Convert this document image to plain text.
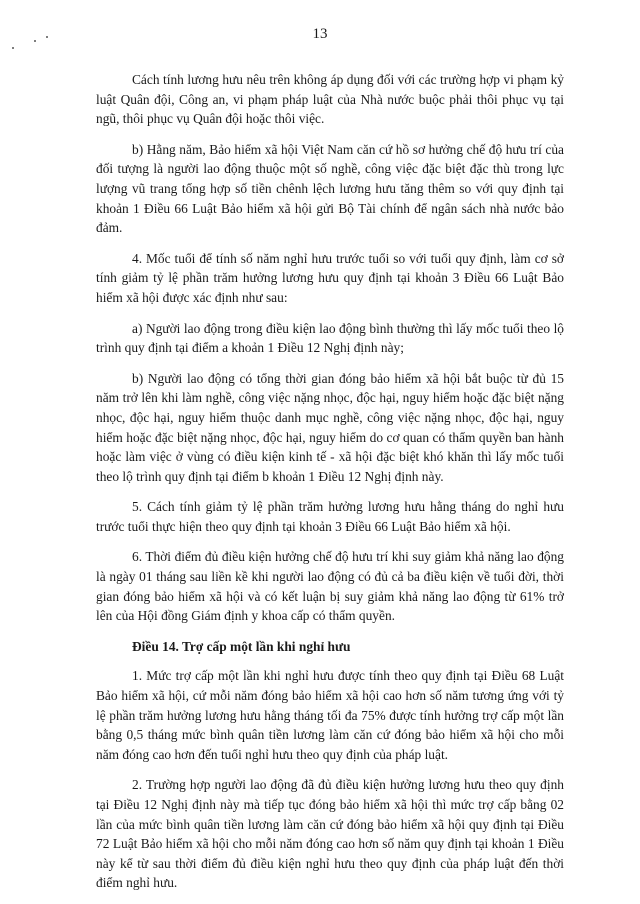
13

Cách tính lương hưu nêu trên không áp dụng đối với các trường hợp vi phạm kỷ luật Quân đội, Công an, vi phạm pháp luật của Nhà nước buộc phải thôi phục vụ tại ngũ, thôi phục vụ Quân đội hoặc thôi việc.

b) Hằng năm, Bảo hiểm xã hội Việt Nam căn cứ hồ sơ hưởng chế độ hưu trí của đối tượng là người lao động thuộc một số nghề, công việc đặc biệt đặc thù trong lực lượng vũ trang tổng hợp số tiền chênh lệch lương hưu tăng thêm so với quy định tại khoản 1 Điều 66 Luật Bảo hiểm xã hội gửi Bộ Tài chính để ngân sách nhà nước bảo đảm.

4. Mốc tuổi để tính số năm nghỉ hưu trước tuổi so với tuổi quy định, làm cơ sở tính giảm tỷ lệ phần trăm hưởng lương hưu quy định tại khoản 3 Điều 66 Luật Bảo hiểm xã hội được xác định như sau:

a) Người lao động trong điều kiện lao động bình thường thì lấy mốc tuổi theo lộ trình quy định tại điểm a khoản 1 Điều 12 Nghị định này;

b) Người lao động có tổng thời gian đóng bảo hiểm xã hội bắt buộc từ đủ 15 năm trở lên khi làm nghề, công việc nặng nhọc, độc hại, nguy hiểm hoặc đặc biệt nặng nhọc, độc hại, nguy hiểm thuộc danh mục nghề, công việc nặng nhọc, độc hại, nguy hiểm hoặc đặc biệt nặng nhọc, độc hại, nguy hiểm do cơ quan có thẩm quyền ban hành hoặc làm việc ở vùng có điều kiện kinh tế - xã hội đặc biệt khó khăn thì lấy mốc tuổi theo lộ trình quy định tại điểm b khoản 1 Điều 12 Nghị định này.

5. Cách tính giảm tỷ lệ phần trăm hưởng lương hưu hằng tháng do nghỉ hưu trước tuổi thực hiện theo quy định tại khoản 3 Điều 66 Luật Bảo hiểm xã hội.

6. Thời điểm đủ điều kiện hưởng chế độ hưu trí khi suy giảm khả năng lao động là ngày 01 tháng sau liền kề khi người lao động có đủ cả ba điều kiện về tuổi đời, thời gian đóng bảo hiểm xã hội và có kết luận bị suy giảm khả năng lao động từ 61% trở lên của Hội đồng Giám định y khoa cấp có thẩm quyền.

Điều 14. Trợ cấp một lần khi nghỉ hưu

1. Mức trợ cấp một lần khi nghỉ hưu được tính theo quy định tại Điều 68 Luật Bảo hiểm xã hội, cứ mỗi năm đóng bảo hiểm xã hội cao hơn số năm tương ứng với tỷ lệ phần trăm hưởng lương hưu hằng tháng tối đa 75% được tính hưởng trợ cấp một lần bằng 0,5 tháng mức bình quân tiền lương làm căn cứ đóng bảo hiểm xã hội cho mỗi năm đóng cao hơn đến tuổi nghỉ hưu theo quy định của pháp luật.

2. Trường hợp người lao động đã đủ điều kiện hưởng lương hưu theo quy định tại Điều 12 Nghị định này mà tiếp tục đóng bảo hiểm xã hội thì mức trợ cấp bằng 02 lần của mức bình quân tiền lương làm căn cứ đóng bảo hiểm xã hội quy định tại Điều 72 Luật Bảo hiểm xã hội cho mỗi năm đóng cao hơn số năm quy định tại khoản 1 Điều này kể từ sau thời điểm đủ điều kiện nghỉ hưu theo quy định của pháp luật đến thời điểm nghỉ hưu.
